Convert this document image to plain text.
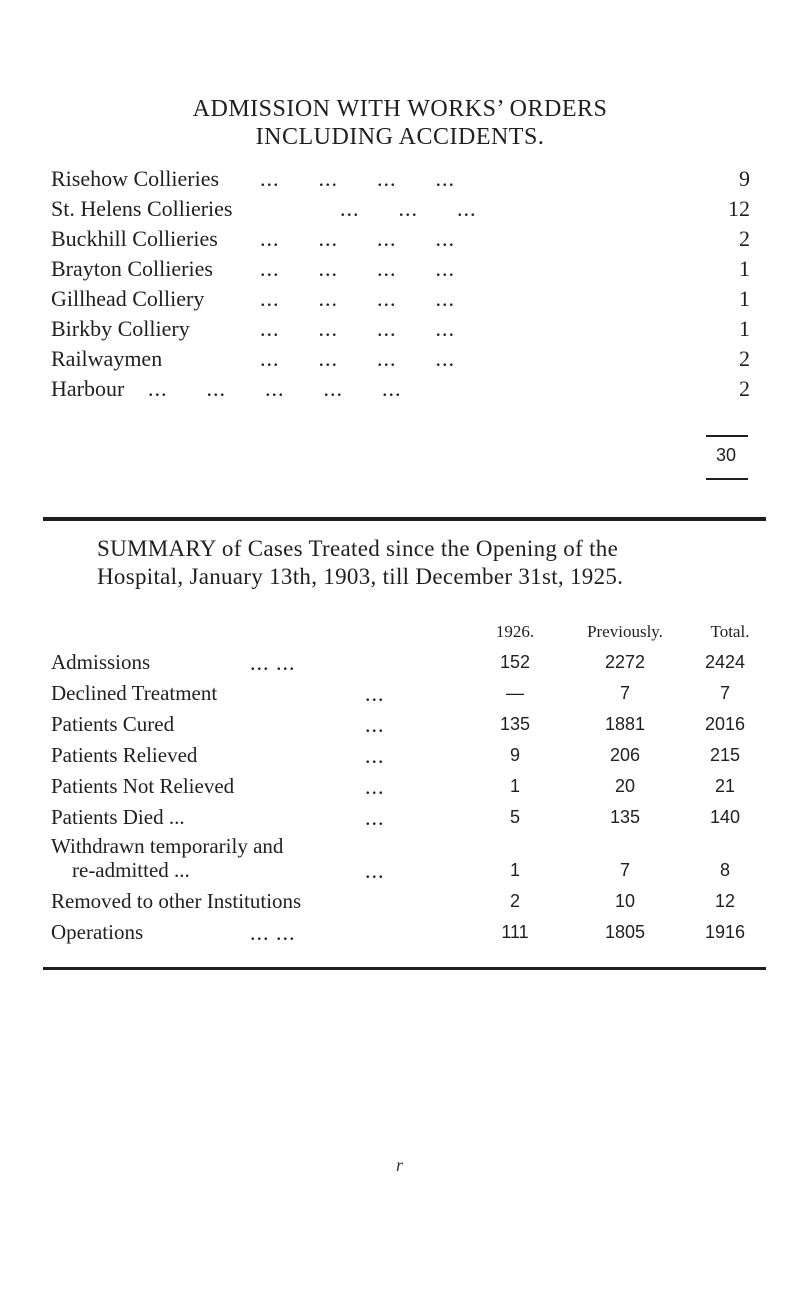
ADMISSION WITH WORKS’ ORDERS
INCLUDING ACCIDENTS.
Risehow Collieries ...      ...      ...      ...	9
St. Helens Collieries	...      ...      ...	12
Buckhill Collieries ...      ...      ...      ...	2
Brayton Collieries ...      ...      ...      ...	1
Gillhead Colliery	...      ...      ...      ...	1
Birkby Colliery	...      ...      ...      ...	1
Railwaymen	...      ...      ...      ...	2
Harbour ...      ...      ...      ...      ...	2
30
SUMMARY of Cases Treated since the Opening of the
Hospital, January 13th, 1903, till December 31st, 1925.
1926.	Previously.	Total.
Admissions	... ...	152	2272	2424
Declined Treatment	...	—	7	7
Patients Cured	...	135	1881	2016
Patients Relieved	...	9	206	215
Patients Not Relieved	...	1	20	21
Patients Died ...	...	5	135	140
Withdrawn temporarily and
re-admitted ...	...	1	7	8
Removed to other Institutions	2	10	12
Operations	... ...	111	1805	1916
r
